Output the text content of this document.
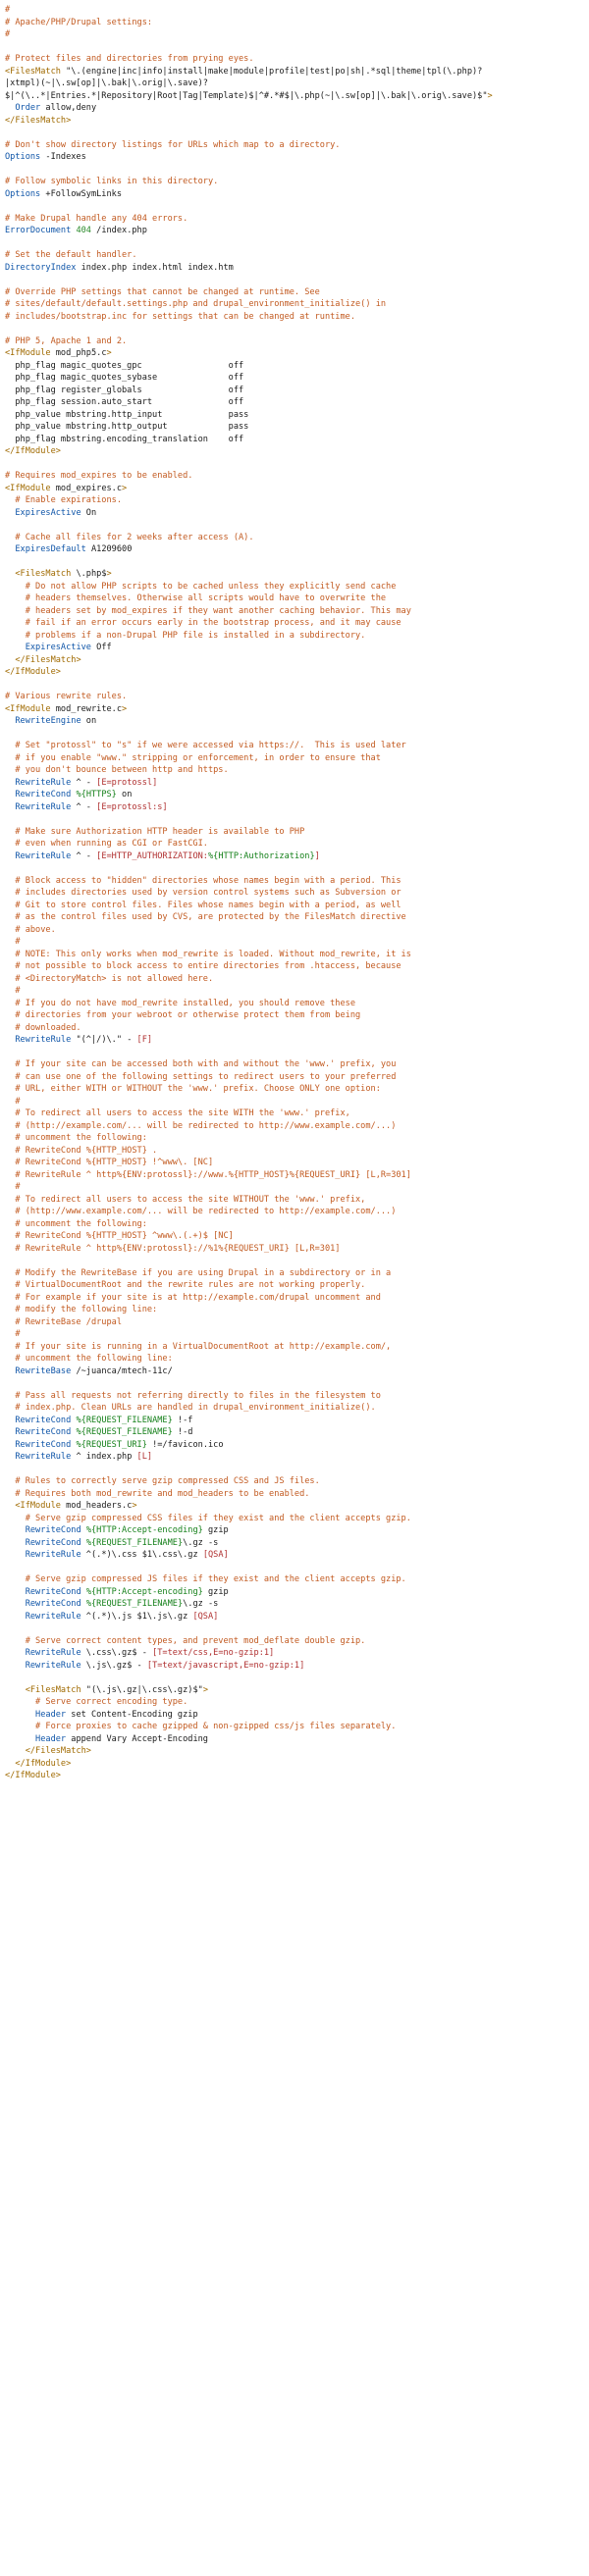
#
# Apache/PHP/Drupal settings:
#
# Protect files and directories from prying eyes.
<FilesMatch "\.(engine|inc|info|install|make|module|profile|test|po|sh|.*sql|theme|tpl(\.php)?
|xtmpl)(~|\.sw[op]|\.bak|\.orig|\.save)?
$|^(\..*|Entries.*|Repository|Root|Tag|Template)$|^#.*#$|\.php(~|\.sw[op]|\.bak|\.orig\.save)$">
Order allow,deny
</FilesMatch>
# Don't show directory listings for URLs which map to a directory.
Options -Indexes
# Follow symbolic links in this directory.
Options +FollowSymLinks
# Make Drupal handle any 404 errors.
ErrorDocument 404 /index.php
# Set the default handler.
DirectoryIndex index.php index.html index.htm
# Override PHP settings that cannot be changed at runtime. See
# sites/default/default.settings.php and drupal_environment_initialize() in
# includes/bootstrap.inc for settings that can be changed at runtime.
# PHP 5, Apache 1 and 2.
<IfModule mod_php5.c>
php_flag magic_quotes_gpc                 off
php_flag magic_quotes_sybase              off
php_flag register_globals                 off
php_flag session.auto_start               off
php_value mbstring.http_input             pass
php_value mbstring.http_output            pass
php_flag mbstring.encoding_translation    off
</IfModule>
# Requires mod_expires to be enabled.
<IfModule mod_expires.c>
# Enable expirations.
ExpiresActive On
# Cache all files for 2 weeks after access (A).
ExpiresDefault A1209600
<FilesMatch \.php$>
# Do not allow PHP scripts to be cached unless they explicitly send cache
# headers themselves. Otherwise all scripts would have to overwrite the
# headers set by mod_expires if they want another caching behavior. This may
# fail if an error occurs early in the bootstrap process, and it may cause
# problems if a non-Drupal PHP file is installed in a subdirectory.
ExpiresActive Off
</FilesMatch>
</IfModule>
# Various rewrite rules.
<IfModule mod_rewrite.c>
RewriteEngine on
# Set "protossl" to "s" if we were accessed via https://.  This is used later
# if you enable "www." stripping or enforcement, in order to ensure that
# you don't bounce between http and https.
RewriteRule ^ - [E=protossl]
RewriteCond %{HTTPS} on
RewriteRule ^ - [E=protossl:s]
# Make sure Authorization HTTP header is available to PHP
# even when running as CGI or FastCGI.
RewriteRule ^ - [E=HTTP_AUTHORIZATION:%{HTTP:Authorization}]
# Block access to "hidden" directories whose names begin with a period. This
# includes directories used by version control systems such as Subversion or
# Git to store control files. Files whose names begin with a period, as well
# as the control files used by CVS, are protected by the FilesMatch directive
# above.
#
# NOTE: This only works when mod_rewrite is loaded. Without mod_rewrite, it is
# not possible to block access to entire directories from .htaccess, because
# <DirectoryMatch> is not allowed here.
#
# If you do not have mod_rewrite installed, you should remove these
# directories from your webroot or otherwise protect them from being
# downloaded.
RewriteRule "(^|/)\." - [F]
# If your site can be accessed both with and without the 'www.' prefix, you
# can use one of the following settings to redirect users to your preferred
# URL, either WITH or WITHOUT the 'www.' prefix. Choose ONLY one option:
#
# To redirect all users to access the site WITH the 'www.' prefix,
# (http://example.com/... will be redirected to http://www.example.com/...)
# uncomment the following:
# RewriteCond %{HTTP_HOST} .
# RewriteCond %{HTTP_HOST} !^www\. [NC]
# RewriteRule ^ http%{ENV:protossl}://www.%{HTTP_HOST}%{REQUEST_URI} [L,R=301]
#
# To redirect all users to access the site WITHOUT the 'www.' prefix,
# (http://www.example.com/... will be redirected to http://example.com/...)
# uncomment the following:
# RewriteCond %{HTTP_HOST} ^www\.(.+)$ [NC]
# RewriteRule ^ http%{ENV:protossl}://%1%{REQUEST_URI} [L,R=301]
# Modify the RewriteBase if you are using Drupal in a subdirectory or in a
# VirtualDocumentRoot and the rewrite rules are not working properly.
# For example if your site is at http://example.com/drupal uncomment and
# modify the following line:
# RewriteBase /drupal
#
# If your site is running in a VirtualDocumentRoot at http://example.com/,
# uncomment the following line:
RewriteBase /~juanca/mtech-11c/
# Pass all requests not referring directly to files in the filesystem to
# index.php. Clean URLs are handled in drupal_environment_initialize().
RewriteCond %{REQUEST_FILENAME} !-f
RewriteCond %{REQUEST_FILENAME} !-d
RewriteCond %{REQUEST_URI} !=/favicon.ico
RewriteRule ^ index.php [L]
# Rules to correctly serve gzip compressed CSS and JS files.
# Requires both mod_rewrite and mod_headers to be enabled.
<IfModule mod_headers.c>
# Serve gzip compressed CSS files if they exist and the client accepts gzip.
RewriteCond %{HTTP:Accept-encoding} gzip
RewriteCond %{REQUEST_FILENAME}\.gz -s
RewriteRule ^(.*)\.css $1\.css\.gz [QSA]
# Serve gzip compressed JS files if they exist and the client accepts gzip.
RewriteCond %{HTTP:Accept-encoding} gzip
RewriteCond %{REQUEST_FILENAME}\.gz -s
RewriteRule ^(.*)\.js $1\.js\.gz [QSA]
# Serve correct content types, and prevent mod_deflate double gzip.
RewriteRule \.css\.gz$ - [T=text/css,E=no-gzip:1]
RewriteRule \.js\.gz$ - [T=text/javascript,E=no-gzip:1]
<FilesMatch "(\.js\.gz|\.css\.gz)$">
# Serve correct encoding type.
Header set Content-Encoding gzip
# Force proxies to cache gzipped & non-gzipped css/js files separately.
Header append Vary Accept-Encoding
</FilesMatch>
</IfModule>
</IfModule>
